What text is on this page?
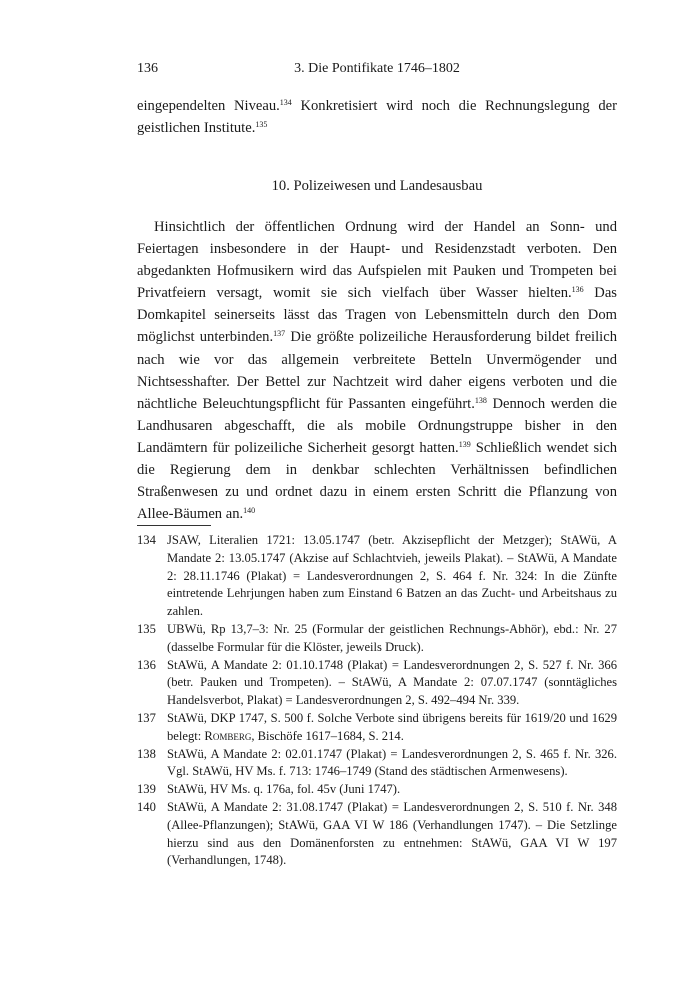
136	3. Die Pontifikate 1746–1802
eingependelten Niveau.$^{134}$ Konkretisiert wird noch die Rechnungslegung der geistlichen Institute.$^{135}$
10. Polizeiwesen und Landesausbau

Hinsichtlich der öffentlichen Ordnung wird der Handel an Sonn- und Feiertagen insbesondere in der Haupt- und Residenzstadt verboten. Den abgedankten Hofmusikern wird das Aufspielen mit Pauken und Trompeten bei Privatfeiern versagt, womit sie sich vielfach über Wasser hielten.$^{136}$ Das Domkapitel seinerseits lässt das Tragen von Lebensmitteln durch den Dom möglichst unterbinden.$^{137}$ Die größte polizeiliche Herausforderung bildet freilich nach wie vor das allgemein verbreitete Betteln Unvermögender und Nichtsesshafter. Der Bettel zur Nachtzeit wird daher eigens verboten und die nächtliche Beleuchtungspflicht für Passanten eingeführt.$^{138}$ Dennoch werden die Landhusaren abgeschafft, die als mobile Ordnungstruppe bisher in den Landämtern für polizeiliche Sicherheit gesorgt hatten.$^{139}$ Schließlich wendet sich die Regierung dem in denkbar schlechten Verhältnissen befindlichen Straßenwesen zu und ordnet dazu in einem ersten Schritt die Pflanzung von Allee-Bäumen an.$^{140}$

134 JSAW, Literalien 1721: 13.05.1747 (betr. Akzisepflicht der Metzger); StAWü, A Mandate 2: 13.05.1747 (Akzise auf Schlachtvieh, jeweils Plakat). – StAWü, A Mandate 2: 28.11.1746 (Plakat) = Landesverordnungen 2, S. 464 f. Nr. 324: In die Zünfte eintretende Lehrjungen haben zum Einstand 6 Batzen an das Zucht- und Arbeitshaus zu zahlen.
135 UBWü, Rp 13,7–3: Nr. 25 (Formular der geistlichen Rechnungs-Abhör), ebd.: Nr. 27 (dasselbe Formular für die Klöster, jeweils Druck).
136 StAWü, A Mandate 2: 01.10.1748 (Plakat) = Landesverordnungen 2, S. 527 f. Nr. 366 (betr. Pauken und Trompeten). – StAWü, A Mandate 2: 07.07.1747 (sonntägliches Handelsverbot, Plakat) = Landesverordnungen 2, S. 492–494 Nr. 339.
137 StAWü, DKP 1747, S. 500 f. Solche Verbote sind übrigens bereits für 1619/20 und 1629 belegt: Romberg, Bischöfe 1617–1684, S. 214.
138 StAWü, A Mandate 2: 02.01.1747 (Plakat) = Landesverordnungen 2, S. 465 f. Nr. 326. Vgl. StAWü, HV Ms. f. 713: 1746–1749 (Stand des städtischen Armenwesens).
139 StAWü, HV Ms. q. 176a, fol. 45v (Juni 1747).
140 StAWü, A Mandate 2: 31.08.1747 (Plakat) = Landesverordnungen 2, S. 510 f. Nr. 348 (Allee-Pflanzungen); StAWü, GAA VI W 186 (Verhandlungen 1747). – Die Setzlinge hierzu sind aus den Domänenforsten zu entnehmen: StAWü, GAA VI W 197 (Verhandlungen, 1748).
